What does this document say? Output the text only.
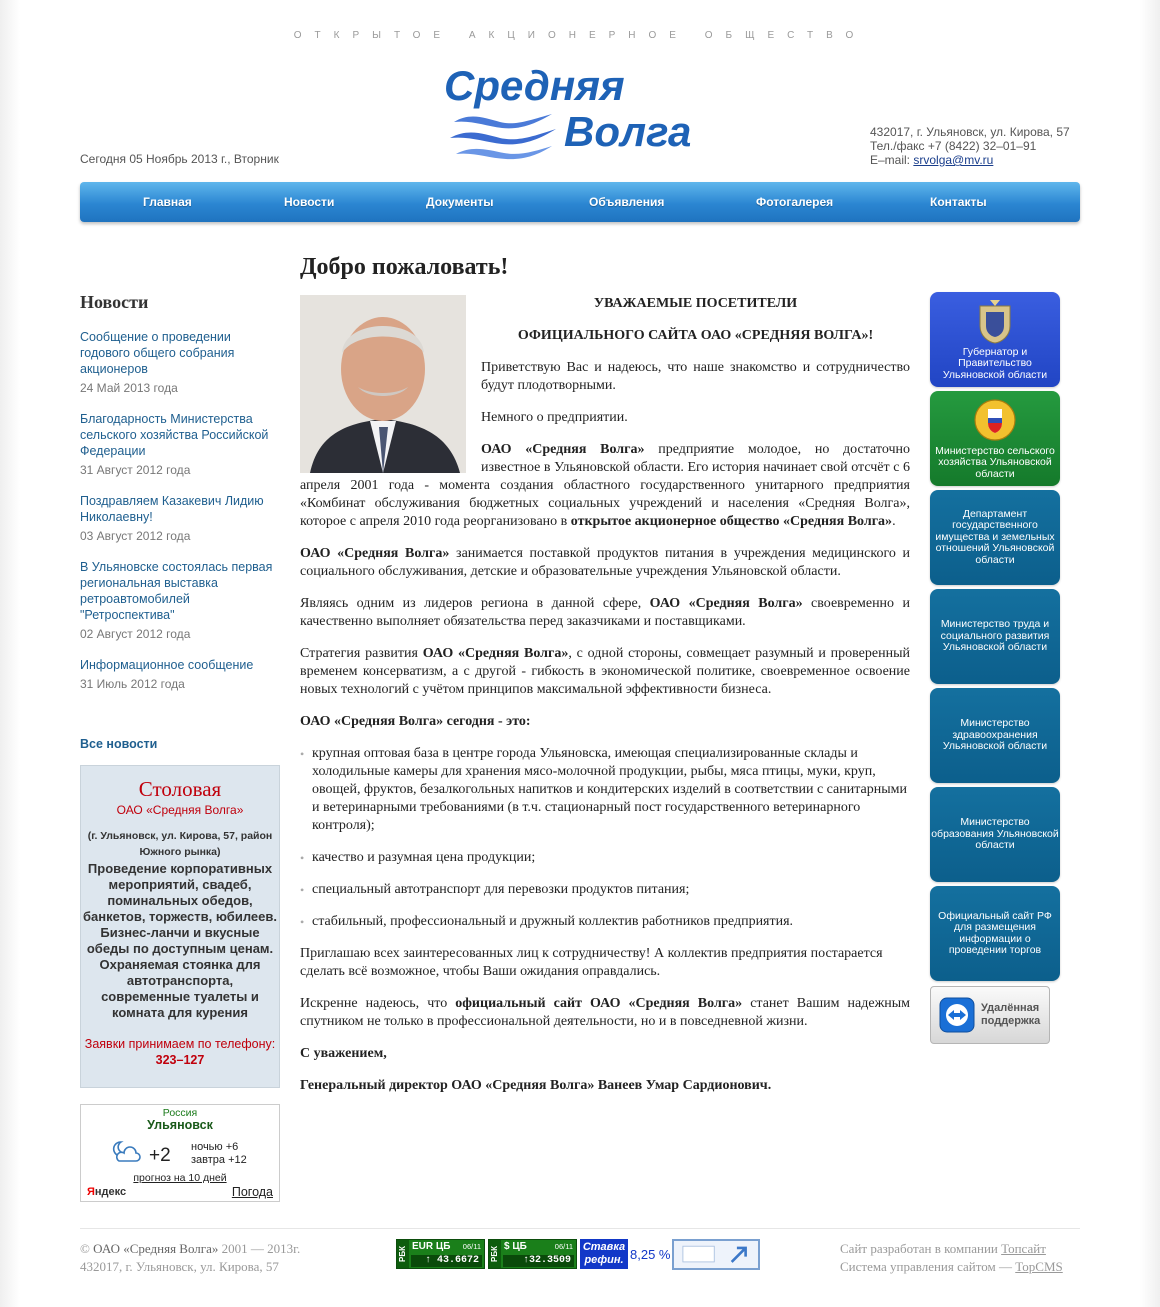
ОТКРЫТОЕ АКЦИОНЕРНОЕ ОБЩЕСТВО
Средняя
Волга
Сегодня 05 Ноябрь 2013 г., Вторник
432017, г. Ульяновск, ул. Кирова, 57
Тел./факс +7 (8422) 32–01–91
E–mail: srvolga@mv.ru
Главная	Новости	Документы	Объявления	Фотогалерея	Контакты
Добро пожаловать!
Новости
Сообщение о проведении годового общего собрания акционеров
24 Май 2013 года
Благодарность Министерства сельского хозяйства Российской Федерации
31 Август 2012 года
Поздравляем Казакевич Лидию Николаевну!
03 Август 2012 года
В Ульяновске состоялась первая региональная выставка ретроавтомобилей "Ретроспектива"
02 Август 2012 года
Информационное сообщение
31 Июль 2012 года
Все новости
Столовая
ОАО «Средняя Волга»
(г. Ульяновск, ул. Кирова, 57, район Южного рынка)
Проведение корпоративных мероприятий, свадеб, поминальных обедов, банкетов, торжеств, юбилеев. Бизнес-ланчи и вкусные обеды по доступным ценам. Охраняемая стоянка для автотранспорта, современные туалеты и комната для курения
Заявки принимаем по телефону: 323–127
Россия
Ульяновск
+2 ночью +6
завтра +12
прогноз на 10 дней
Яндекс	Погода

УВАЖАЕМЫЕ ПОСЕТИТЕЛИ

ОФИЦИАЛЬНОГО САЙТА ОАО «СРЕДНЯЯ ВОЛГА»!

Приветствую Вас и надеюсь, что наше знакомство и сотрудничество будут плодотворными.

Немного о предприятии.

ОАО «Средняя Волга» предприятие молодое, но достаточно известное в Ульяновской области. Его история начинает свой отсчёт с 6 апреля 2001 года - момента создания областного государственного унитарного предприятия «Комбинат обслуживания бюджетных социальных учреждений и населения «Средняя Волга», которое с апреля 2010 года реорганизовано в открытое акционерное общество «Средняя Волга».

ОАО «Средняя Волга» занимается поставкой продуктов питания в учреждения медицинского и социального обслуживания, детские и образовательные учреждения Ульяновской области.

Являясь одним из лидеров региона в данной сфере, ОАО «Средняя Волга» своевременно и качественно выполняет обязательства перед заказчиками и поставщиками.

Стратегия развития ОАО «Средняя Волга», с одной стороны, совмещает разумный и проверенный временем консерватизм, а с другой - гибкость в экономической политике, своевременное освоение новых технологий с учётом принципов максимальной эффективности бизнеса.

ОАО «Средняя Волга» сегодня - это:

• крупная оптовая база в центре города Ульяновска, имеющая специализированные склады и холодильные камеры для хранения мясо-молочной продукции, рыбы, мяса птицы, муки, круп, овощей, фруктов, безалкогольных напитков и кондитерских изделий в соответствии с санитарными и ветеринарными требованиями (в т.ч. стационарный пост государственного ветеринарного контроля);
• качество и разумная цена продукции;
• специальный автотранспорт для перевозки продуктов питания;
• стабильный, профессиональный и дружный коллектив работников предприятия.

Приглашаю всех заинтересованных лиц к сотрудничеству! А коллектив предприятия постарается сделать всё возможное, чтобы Ваши ожидания оправдались.

Искренне надеюсь, что официальный сайт ОАО «Средняя Волга» станет Вашим надежным спутником не только в профессиональной деятельности, но и в повседневной жизни.

С уважением,

Генеральный директор ОАО «Средняя Волга» Ванеев Умар Сардионович.

Губернатор и Правительство Ульяновской области
Министерство сельского хозяйства Ульяновской области
Департамент государственного имущества и земельных отношений Ульяновской области
Министерство труда и социального развития Ульяновской области
Министерство здравоохранения Ульяновской области
Министерство образования Ульяновской области
Официальный сайт РФ для размещения информации о проведении торгов
Удалённая поддержка
© ОАО «Средняя Волга» 2001 — 2013г.
432017, г. Ульяновск, ул. Кирова, 57
РБК EUR ЦБ 06/11
↑ 43.6672	РБК $ ЦБ	06/11
↑32.3509
Ставка рефин. 8,25 %	Сайт разработан в компании Топсайт
Система управления сайтом — TopCMS
